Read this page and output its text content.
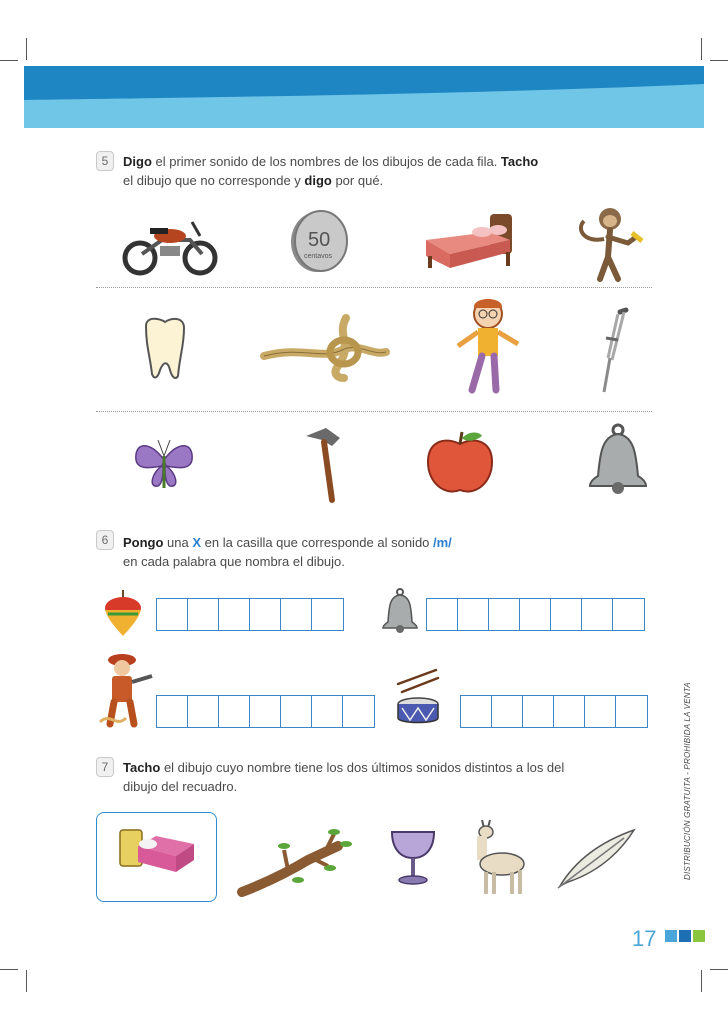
5	Digo el primer sonido de los nombres de los dibujos de cada fila. Tacho
el dibujo que no corresponde y digo por qué.
50
centavos
6	Pongo una X en la casilla que corresponde al sonido /m/
en cada palabra que nombra el dibujo.
7	Tacho el dibujo cuyo nombre tiene los dos últimos sonidos distintos a los del
dibujo del recuadro.	DISTRIBUCIÓN GRATUITA - PROHIBIDA LA VENTA
17
